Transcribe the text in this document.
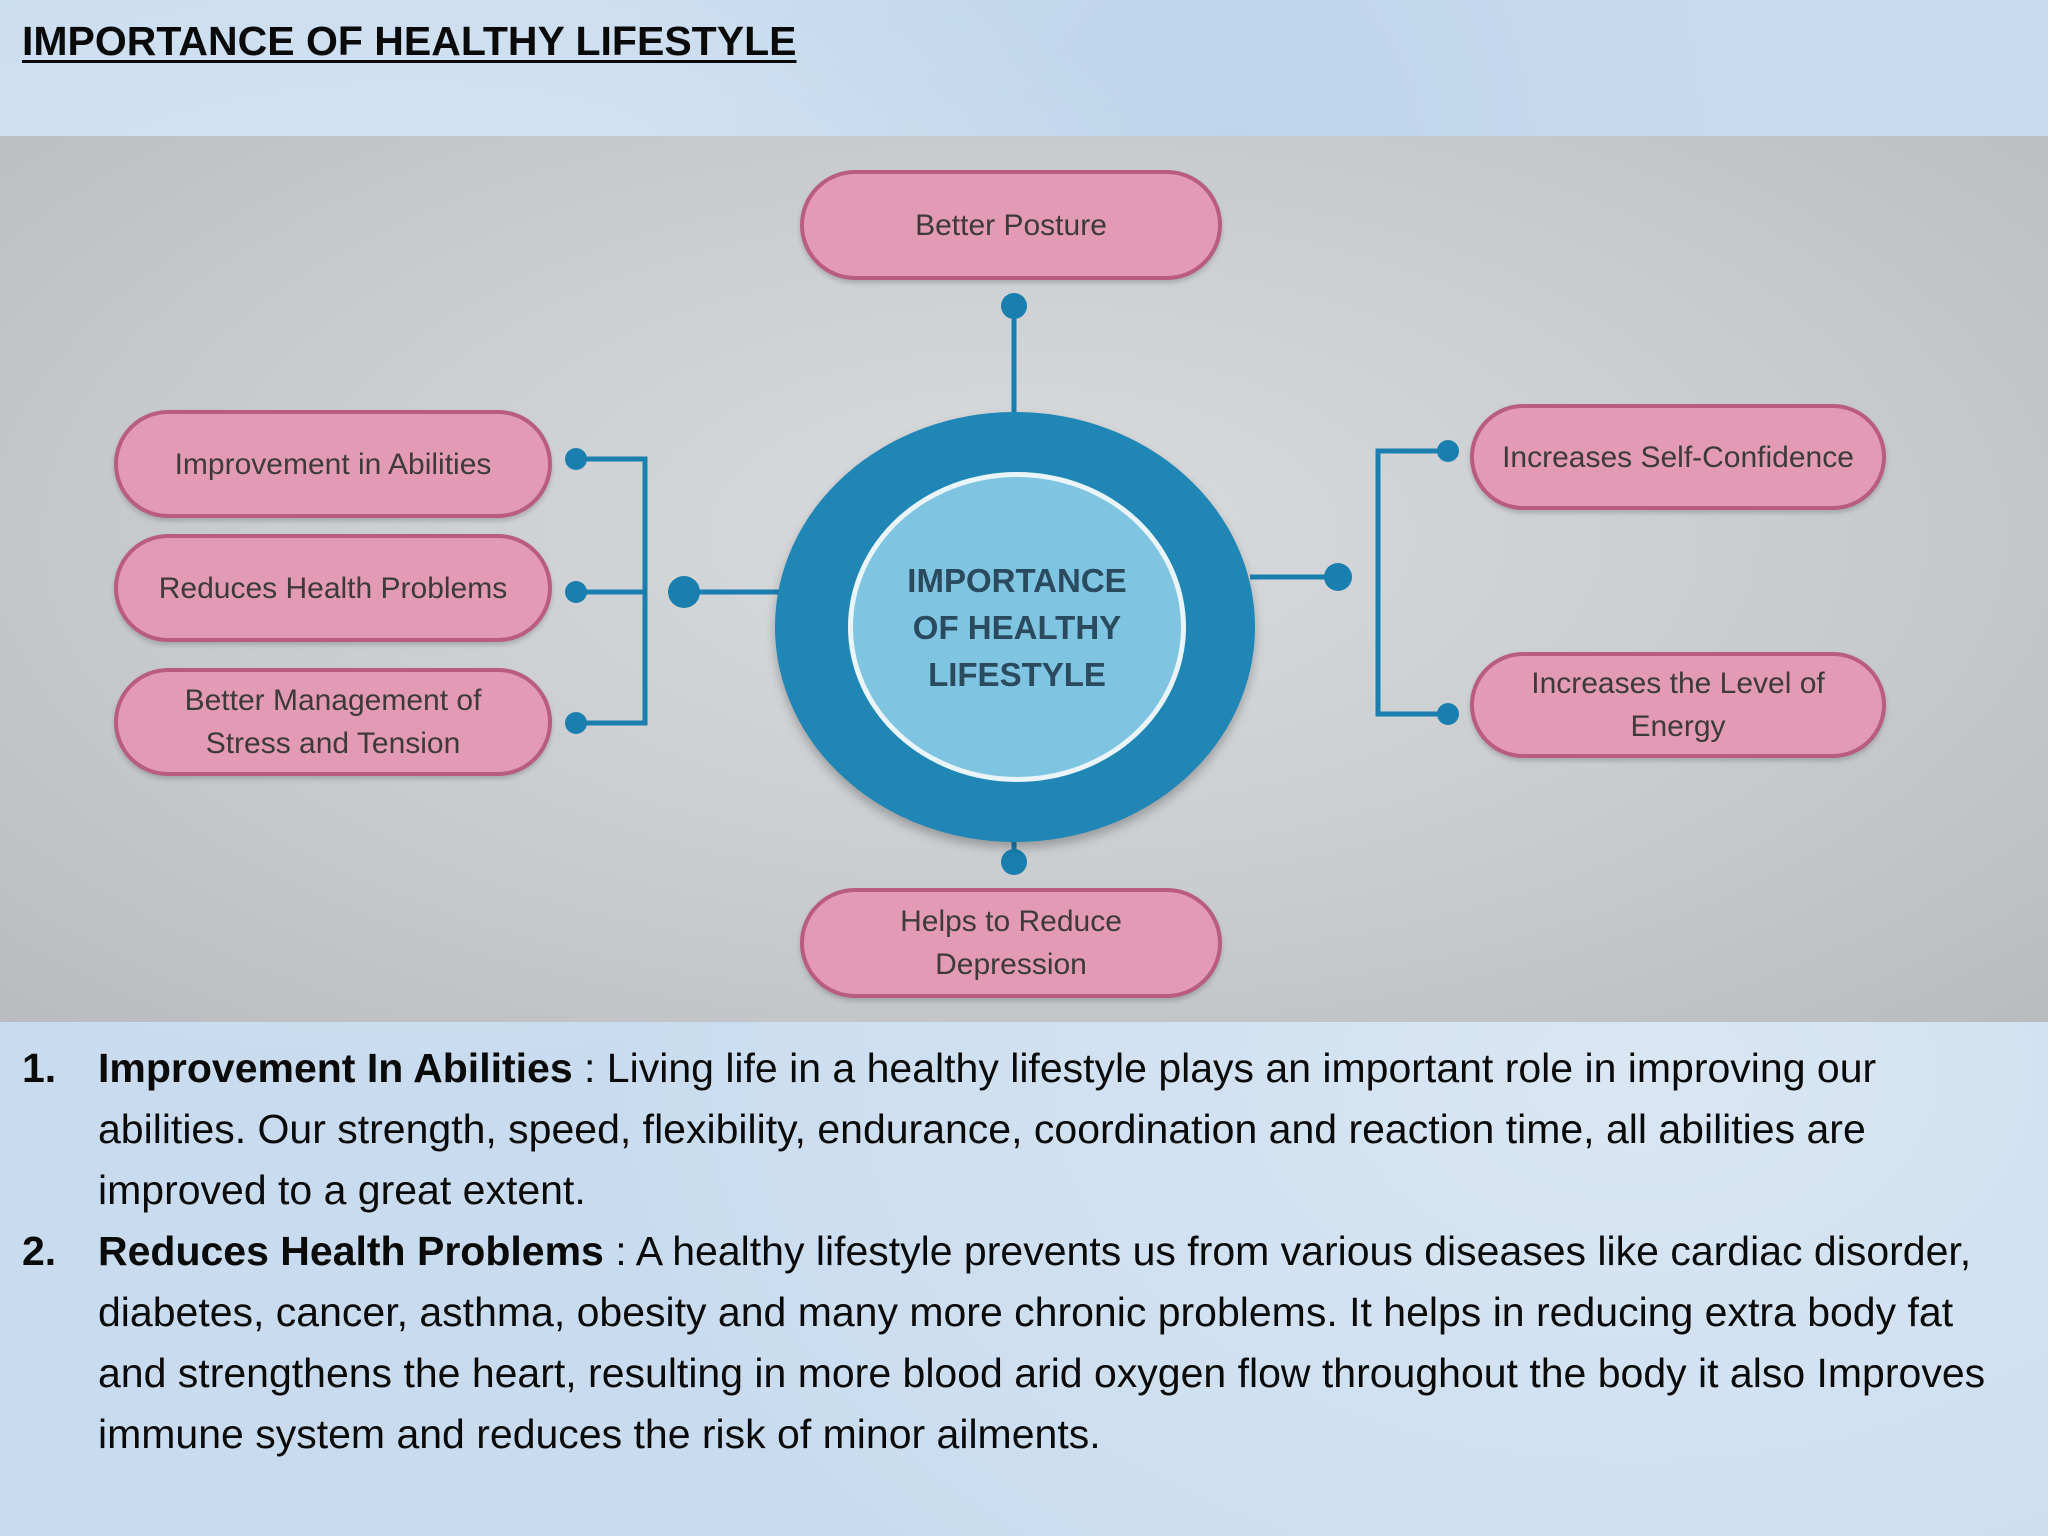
IMPORTANCE OF HEALTHY LIFESTYLE
IMPORTANCE OF HEALTHY LIFESTYLE
Better Posture
Helps to Reduce Depression
Improvement in Abilities
Reduces Health Problems
Better Management of Stress and Tension
Increases Self-Confidence
Increases the Level of Energy
1.	Improvement In Abilities : Living life in a healthy lifestyle plays an important role in improving our abilities. Our strength, speed, flexibility, endurance, coordination and reaction time, all abilities are improved to a great extent.
2.	Reduces Health Problems : A healthy lifestyle prevents us from various diseases like cardiac disorder, diabetes, cancer, asthma, obesity and many more chronic problems. It helps in reducing extra body fat and strengthens the heart, resulting in more blood arid oxygen flow throughout the body it also Improves immune system and reduces the risk of minor ailments.
